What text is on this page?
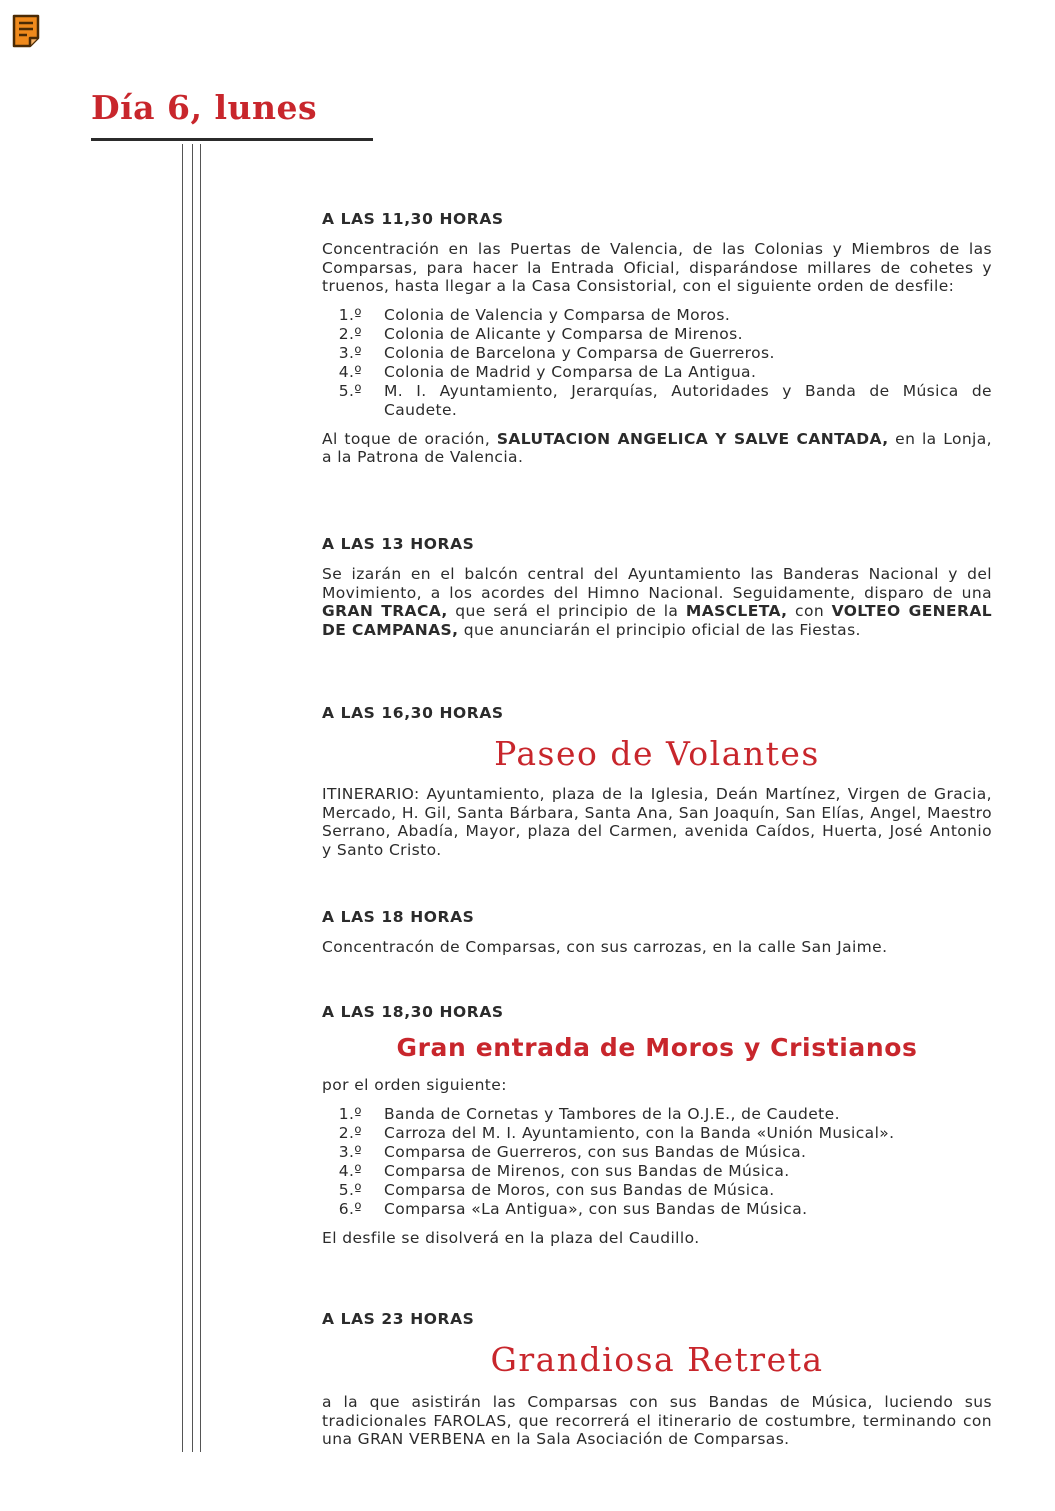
Día 6, lunes
A LAS 11,30 HORAS

Concentración en las Puertas de Valencia, de las Colonias y Miembros de las Comparsas, para hacer la Entrada Oficial, disparándose millares de cohetes y truenos, hasta llegar a la Casa Consistorial, con el siguiente orden de desfile:

1.º	Colonia de Valencia y Comparsa de Moros.
2.º	Colonia de Alicante y Comparsa de Mirenos.
3.º	Colonia de Barcelona y Comparsa de Guerreros.
4.º	Colonia de Madrid y Comparsa de La Antigua.
5.º	M. I. Ayuntamiento, Jerarquías, Autoridades y Banda de Música de Caudete.

Al toque de oración, SALUTACION ANGELICA Y SALVE CANTADA, en la Lonja, a la Patrona de Valencia.

A LAS 13 HORAS

Se izarán en el balcón central del Ayuntamiento las Banderas Nacional y del Movimiento, a los acordes del Himno Nacional. Seguidamente, disparo de una GRAN TRACA, que será el principio de la MASCLETA, con VOLTEO GENERAL DE CAMPANAS, que anunciarán el principio oficial de las Fiestas.

A LAS 16,30 HORAS
Paseo de Volantes

ITINERARIO: Ayuntamiento, plaza de la Iglesia, Deán Martínez, Virgen de Gracia, Mercado, H. Gil, Santa Bárbara, Santa Ana, San Joaquín, San Elías, Angel, Maestro Serrano, Abadía, Mayor, plaza del Carmen, avenida Caídos, Huerta, José Antonio y Santo Cristo.

A LAS 18 HORAS

Concentracón de Comparsas, con sus carrozas, en la calle San Jaime.

A LAS 18,30 HORAS
Gran entrada de Moros y Cristianos

por el orden siguiente:

1.º	Banda de Cornetas y Tambores de la O.J.E., de Caudete.
2.º	Carroza del M. I. Ayuntamiento, con la Banda «Unión Musical».
3.º	Comparsa de Guerreros, con sus Bandas de Música.
4.º	Comparsa de Mirenos, con sus Bandas de Música.
5.º	Comparsa de Moros, con sus Bandas de Música.
6.º	Comparsa «La Antigua», con sus Bandas de Música.

El desfile se disolverá en la plaza del Caudillo.

A LAS 23 HORAS
Grandiosa Retreta

a la que asistirán las Comparsas con sus Bandas de Música, luciendo sus tradicionales FAROLAS, que recorrerá el itinerario de costumbre, terminando con una GRAN VERBENA en la Sala Asociación de Comparsas.
